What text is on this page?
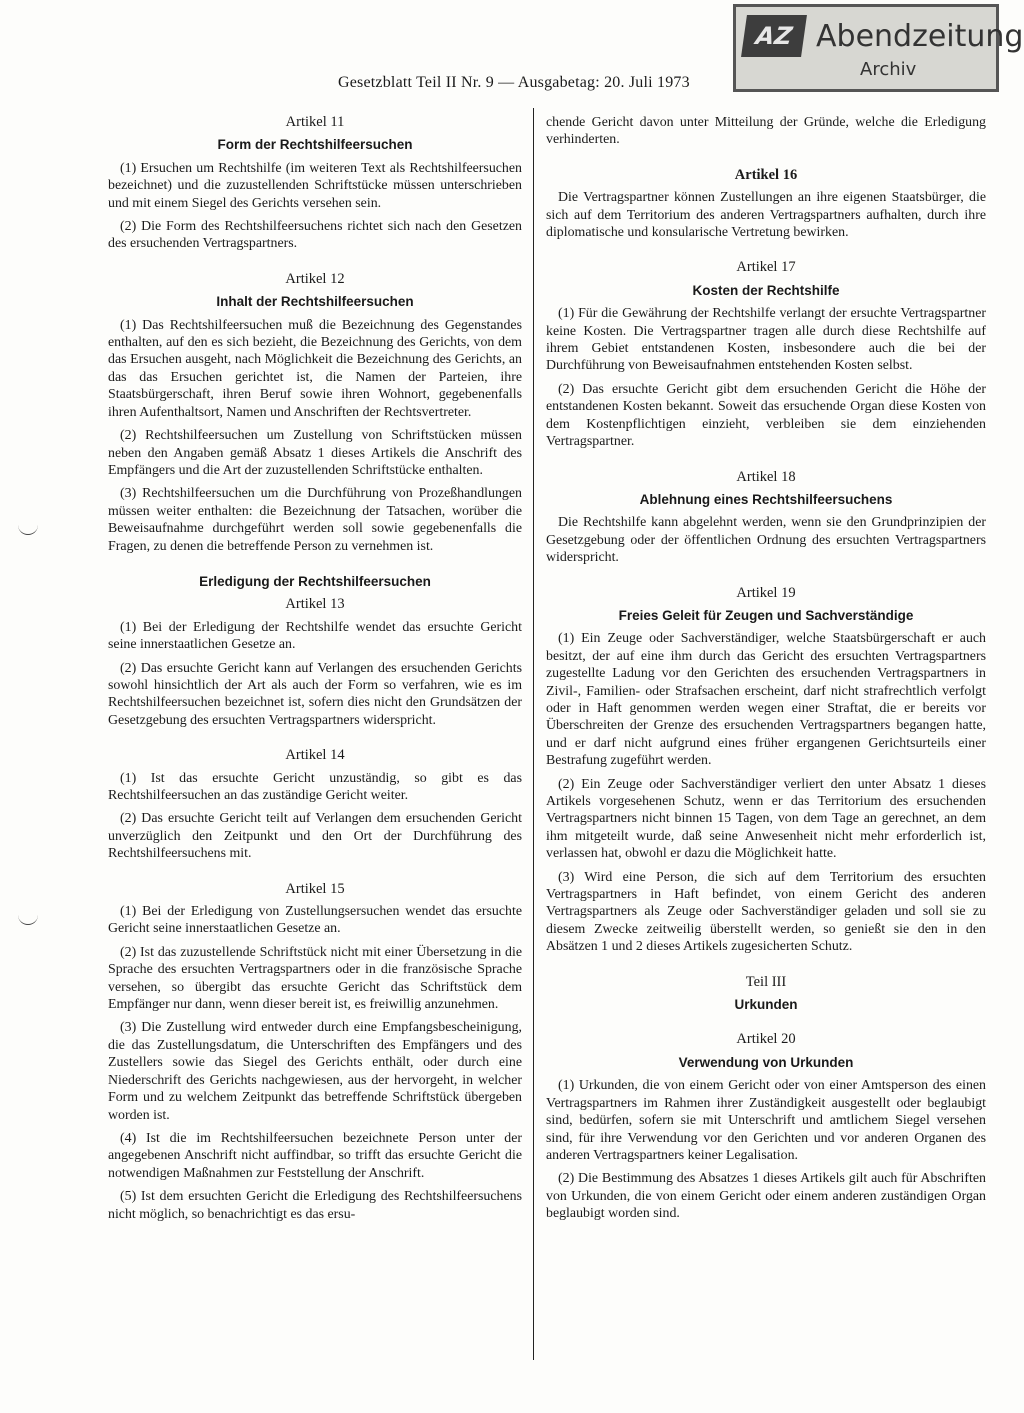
Gesetzblatt Teil II Nr. 9 — Ausgabetag: 20. Juli 1973
AZ Abendzeitung
Archiv
Artikel 11
Form der Rechtshilfeersuchen

(1) Ersuchen um Rechtshilfe (im weiteren Text als Rechtshilfeersuchen bezeichnet) und die zuzustellenden Schriftstücke müssen unterschrieben und mit einem Siegel des Gerichts versehen sein.

(2) Die Form des Rechtshilfeersuchens richtet sich nach den Gesetzen des ersuchenden Vertragspartners.

Artikel 12
Inhalt der Rechtshilfeersuchen

(1) Das Rechtshilfeersuchen muß die Bezeichnung des Gegenstandes enthalten, auf den es sich bezieht, die Bezeichnung des Gerichts, von dem das Ersuchen ausgeht, nach Möglichkeit die Bezeichnung des Gerichts, an das das Ersuchen gerichtet ist, die Namen der Parteien, ihre Staatsbürgerschaft, ihren Beruf sowie ihren Wohnort, gegebenenfalls ihren Aufenthaltsort, Namen und Anschriften der Rechtsvertreter.

(2) Rechtshilfeersuchen um Zustellung von Schriftstücken müssen neben den Angaben gemäß Absatz 1 dieses Artikels die Anschrift des Empfängers und die Art der zuzustellenden Schriftstücke enthalten.

(3) Rechtshilfeersuchen um die Durchführung von Prozeßhandlungen müssen weiter enthalten: die Bezeichnung der Tatsachen, worüber die Beweisaufnahme durchgeführt werden soll sowie gegebenenfalls die Fragen, zu denen die betreffende Person zu vernehmen ist.

Erledigung der Rechtshilfeersuchen
Artikel 13

(1) Bei der Erledigung der Rechtshilfe wendet das ersuchte Gericht seine innerstaatlichen Gesetze an.

(2) Das ersuchte Gericht kann auf Verlangen des ersuchenden Gerichts sowohl hinsichtlich der Art als auch der Form so verfahren, wie es im Rechtshilfeersuchen bezeichnet ist, sofern dies nicht den Grundsätzen der Gesetzgebung des ersuchten Vertragspartners widerspricht.

Artikel 14

(1) Ist das ersuchte Gericht unzuständig, so gibt es das Rechtshilfeersuchen an das zuständige Gericht weiter.

(2) Das ersuchte Gericht teilt auf Verlangen dem ersuchenden Gericht unverzüglich den Zeitpunkt und den Ort der Durchführung des Rechtshilfeersuchens mit.

Artikel 15

(1) Bei der Erledigung von Zustellungsersuchen wendet das ersuchte Gericht seine innerstaatlichen Gesetze an.

(2) Ist das zuzustellende Schriftstück nicht mit einer Übersetzung in die Sprache des ersuchten Vertragspartners oder in die französische Sprache versehen, so übergibt das ersuchte Gericht das Schriftstück dem Empfänger nur dann, wenn dieser bereit ist, es freiwillig anzunehmen.

(3) Die Zustellung wird entweder durch eine Empfangsbescheinigung, die das Zustellungsdatum, die Unterschriften des Empfängers und des Zustellers sowie das Siegel des Gerichts enthält, oder durch eine Niederschrift des Gerichts nachgewiesen, aus der hervorgeht, in welcher Form und zu welchem Zeitpunkt das betreffende Schriftstück übergeben worden ist.

(4) Ist die im Rechtshilfeersuchen bezeichnete Person unter der angegebenen Anschrift nicht auffindbar, so trifft das ersuchte Gericht die notwendigen Maßnahmen zur Feststellung der Anschrift.

(5) Ist dem ersuchten Gericht die Erledigung des Rechtshilfeersuchens nicht möglich, so benachrichtigt es das ersu-

chende Gericht davon unter Mitteilung der Gründe, welche die Erledigung verhinderten.

Artikel 16

Die Vertragspartner können Zustellungen an ihre eigenen Staatsbürger, die sich auf dem Territorium des anderen Vertragspartners aufhalten, durch ihre diplomatische und konsularische Vertretung bewirken.

Artikel 17
Kosten der Rechtshilfe

(1) Für die Gewährung der Rechtshilfe verlangt der ersuchte Vertragspartner keine Kosten. Die Vertragspartner tragen alle durch diese Rechtshilfe auf ihrem Gebiet entstandenen Kosten, insbesondere auch die bei der Durchführung von Beweisaufnahmen entstehenden Kosten selbst.

(2) Das ersuchte Gericht gibt dem ersuchenden Gericht die Höhe der entstandenen Kosten bekannt. Soweit das ersuchende Organ diese Kosten von dem Kostenpflichtigen einzieht, verbleiben sie dem einziehenden Vertragspartner.

Artikel 18
Ablehnung eines Rechtshilfeersuchens

Die Rechtshilfe kann abgelehnt werden, wenn sie den Grundprinzipien der Gesetzgebung oder der öffentlichen Ordnung des ersuchten Vertragspartners widerspricht.

Artikel 19
Freies Geleit für Zeugen und Sachverständige

(1) Ein Zeuge oder Sachverständiger, welche Staatsbürgerschaft er auch besitzt, der auf eine ihm durch das Gericht des ersuchten Vertragspartners zugestellte Ladung vor den Gerichten des ersuchenden Vertragspartners in Zivil-, Familien- oder Strafsachen erscheint, darf nicht strafrechtlich verfolgt oder in Haft genommen werden wegen einer Straftat, die er bereits vor Überschreiten der Grenze des ersuchenden Vertragspartners begangen hatte, und er darf nicht aufgrund eines früher ergangenen Gerichtsurteils einer Bestrafung zugeführt werden.

(2) Ein Zeuge oder Sachverständiger verliert den unter Absatz 1 dieses Artikels vorgesehenen Schutz, wenn er das Territorium des ersuchenden Vertragspartners nicht binnen 15 Tagen, von dem Tage an gerechnet, an dem ihm mitgeteilt wurde, daß seine Anwesenheit nicht mehr erforderlich ist, verlassen hat, obwohl er dazu die Möglichkeit hatte.

(3) Wird eine Person, die sich auf dem Territorium des ersuchten Vertragspartners in Haft befindet, von einem Gericht des anderen Vertragspartners als Zeuge oder Sachverständiger geladen und soll sie zu diesem Zwecke zeitweilig überstellt werden, so genießt sie den in den Absätzen 1 und 2 dieses Artikels zugesicherten Schutz.

Teil III
Urkunden
Artikel 20
Verwendung von Urkunden

(1) Urkunden, die von einem Gericht oder von einer Amtsperson des einen Vertragspartners im Rahmen ihrer Zuständigkeit ausgestellt oder beglaubigt sind, bedürfen, sofern sie mit Unterschrift und amtlichem Siegel versehen sind, für ihre Verwendung vor den Gerichten und vor anderen Organen des anderen Vertragspartners keiner Legalisation.

(2) Die Bestimmung des Absatzes 1 dieses Artikels gilt auch für Abschriften von Urkunden, die von einem Gericht oder einem anderen zuständigen Organ beglaubigt worden sind.
